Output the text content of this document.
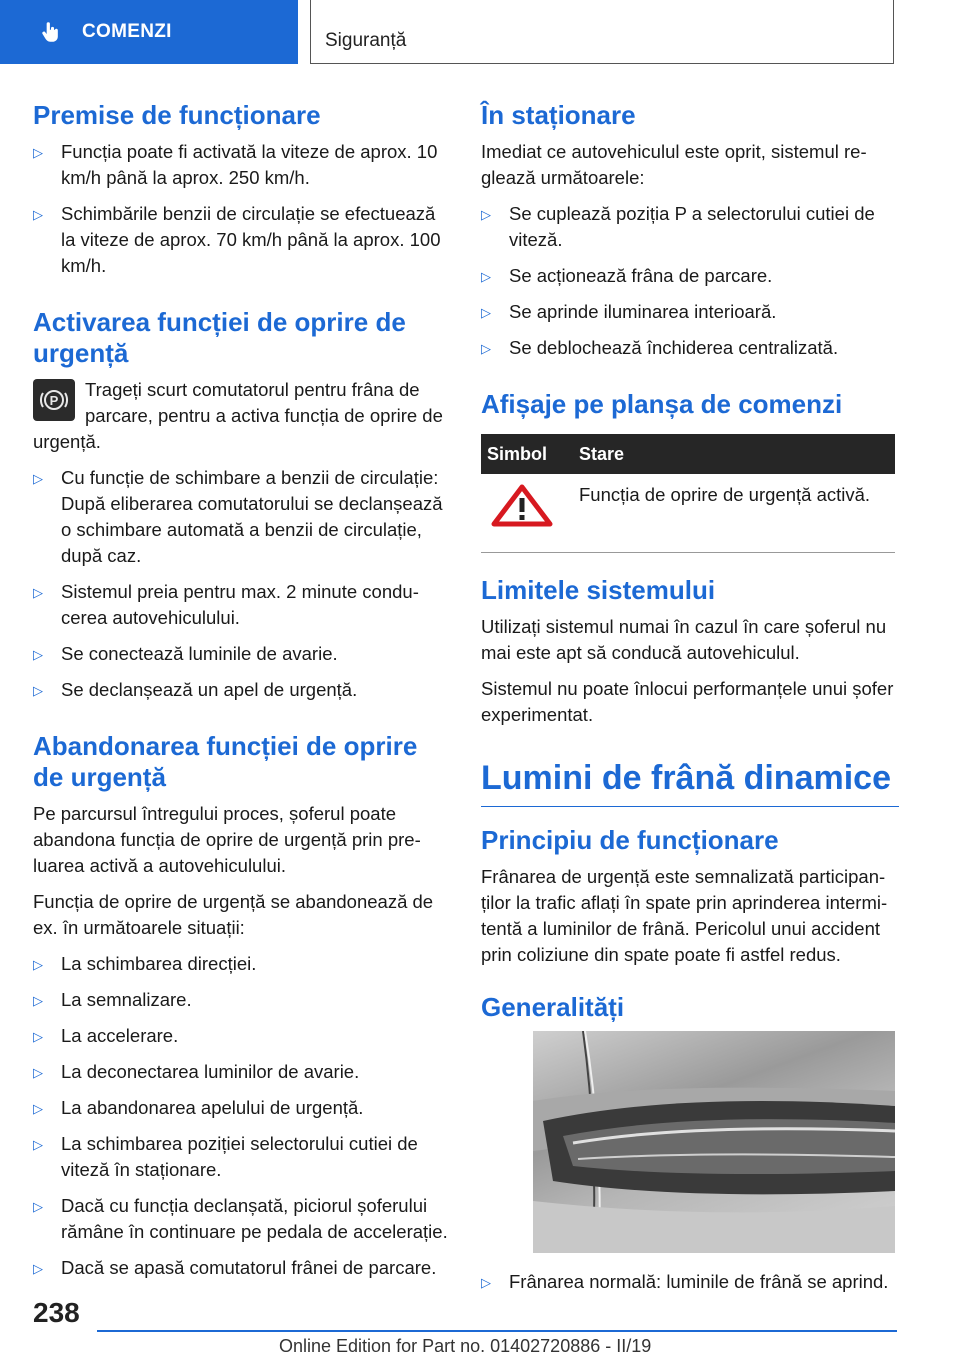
COMENZI	Siguranță
Premise de funcționare
▷ Funcția poate fi activată la viteze de aprox. 10 km/h până la aprox. 250 km/h.
▷ Schimbările benzii de circulație se efectuează la viteze de aprox. 70 km/h până la aprox. 100 km/h.
Activarea funcției de oprire de urgență
P

Trageți scurt comutatorul pentru frâna de parcare, pentru a activa funcția de oprire de urgență.

▷ Cu funcție de schimbare a benzii de circulație: După eliberarea comutatorului se declanșează o schimbare automată a benzii de circulație, după caz.
▷ Sistemul preia pentru max. 2 minute conducerea autovehiculului.
▷ Se conectează luminile de avarie.
▷ Se declanșează un apel de urgență.
Abandonarea funcției de oprire de urgență

Pe parcursul întregului proces, șoferul poate abandona funcția de oprire de urgență prin preluarea activă a autovehiculului.

Funcția de oprire de urgență se abandonează de ex. în următoarele situații:

▷ La schimbarea direcției.
▷ La semnalizare.
▷ La accelerare.
▷ La deconectarea luminilor de avarie.
▷ La abandonarea apelului de urgență.
▷ La schimbarea poziției selectorului cutiei de viteză în staționare.
▷ Dacă cu funcția declanșată, piciorul șoferului rămâne în continuare pe pedala de accelerație.
▷ Dacă se apasă comutatorul frânei de parcare.
În staționare

Imediat ce autovehiculul este oprit, sistemul reglează următoarele:

▷ Se cuplează poziția P a selectorului cutiei de viteză.
▷ Se acționează frâna de parcare.
▷ Se aprinde iluminarea interioară.
▷ Se deblochează închiderea centralizată.
Afișaje pe planșa de comenzi
Simbol	Stare
	Funcția de oprire de urgență activă.
Limitele sistemului

Utilizați sistemul numai în cazul în care șoferul nu mai este apt să conducă autovehiculul.

Sistemul nu poate înlocui performanțele unui șofer experimentat.

Lumini de frână dinamice
Principiu de funcționare

Frânarea de urgență este semnalizată participanților la trafic aflați în spate prin aprinderea intermitentă a luminilor de frână. Pericolul unui accident prin coliziune din spate poate fi astfel redus.

Generalități
▷ Frânarea normală: luminile de frână se aprind.
238
Online Edition for Part no. 01402720886 - II/19
